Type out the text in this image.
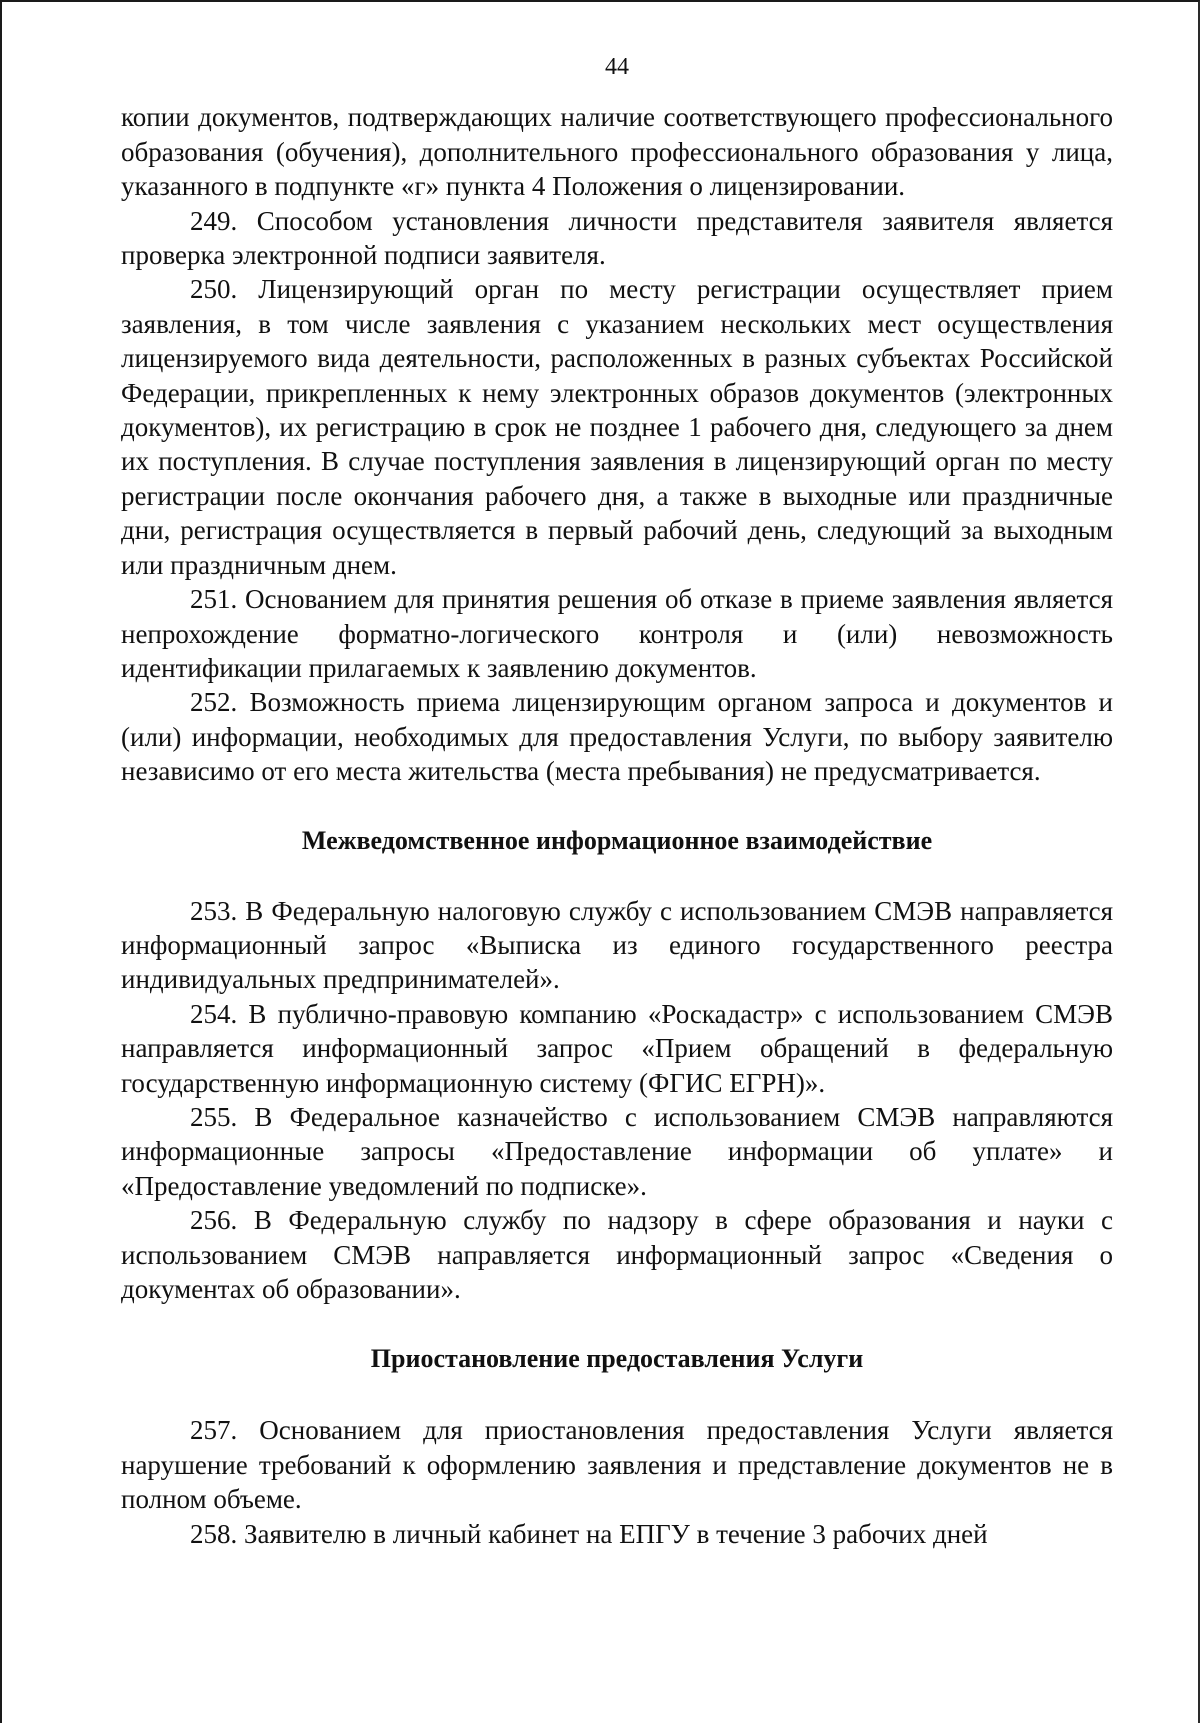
44

копии документов, подтверждающих наличие соответствующего профессионального образования (обучения), дополнительного профессионального образования у лица, указанного в подпункте «г» пункта 4 Положения о лицензировании.

249. Способом установления личности представителя заявителя является проверка электронной подписи заявителя.

250. Лицензирующий орган по месту регистрации осуществляет прием заявления, в том числе заявления с указанием нескольких мест осуществления лицензируемого вида деятельности, расположенных в разных субъектах Российской Федерации, прикрепленных к нему электронных образов документов (электронных документов), их регистрацию в срок не позднее 1 рабочего дня, следующего за днем их поступления. В случае поступления заявления в лицензирующий орган по месту регистрации после окончания рабочего дня, а также в выходные или праздничные дни, регистрация осуществляется в первый рабочий день, следующий за выходным или праздничным днем.

251. Основанием для принятия решения об отказе в приеме заявления является непрохождение форматно-логического контроля и (или) невозможность идентификации прилагаемых к заявлению документов.

252. Возможность приема лицензирующим органом запроса и документов и (или) информации, необходимых для предоставления Услуги, по выбору заявителю независимо от его места жительства (места пребывания) не предусматривается.

Межведомственное информационное взаимодействие

253. В Федеральную налоговую службу с использованием СМЭВ направляется информационный запрос «Выписка из единого государственного реестра индивидуальных предпринимателей».

254. В публично-правовую компанию «Роскадастр» с использованием СМЭВ направляется информационный запрос «Прием обращений в федеральную государственную информационную систему (ФГИС ЕГРН)».

255. В Федеральное казначейство с использованием СМЭВ направляются информационные запросы «Предоставление информации об уплате» и «Предоставление уведомлений по подписке».

256. В Федеральную службу по надзору в сфере образования и науки с использованием СМЭВ направляется информационный запрос «Сведения о документах об образовании».

Приостановление предоставления Услуги

257. Основанием для приостановления предоставления Услуги является нарушение требований к оформлению заявления и представление документов не в полном объеме.

258. Заявителю в личный кабинет на ЕПГУ в течение 3 рабочих дней
